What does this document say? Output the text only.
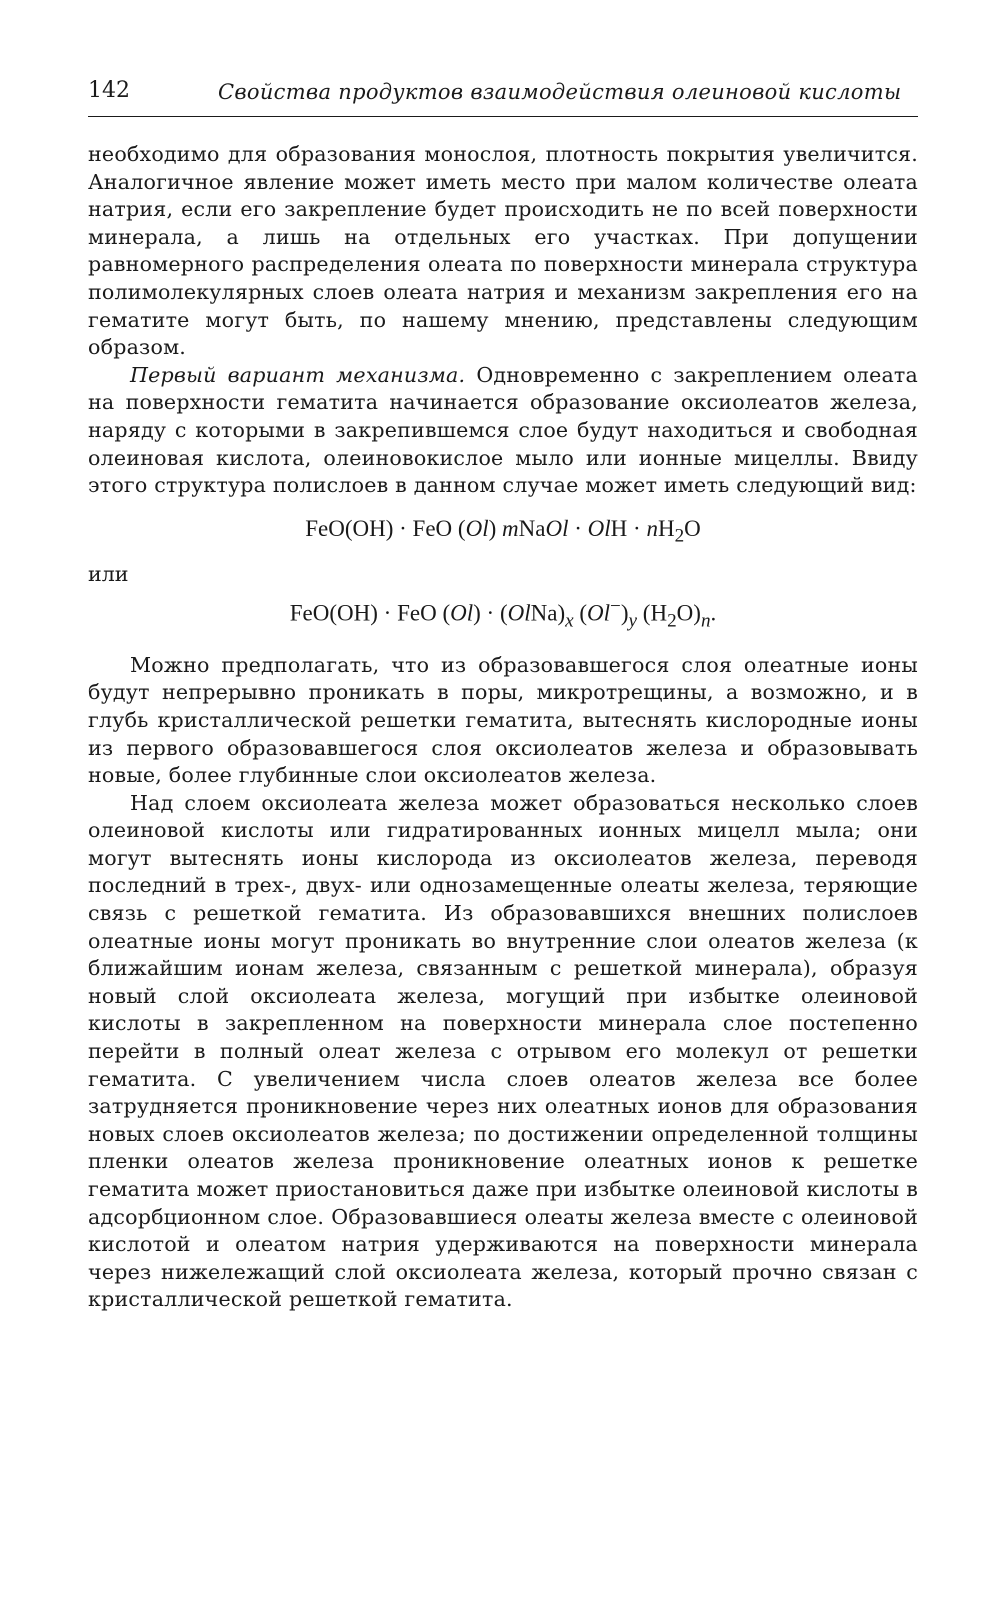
142	Свойства продуктов взаимодействия олеиновой кислоты

необходимо для образования монослоя, плотность покрытия увеличится. Аналогичное явление может иметь место при малом количестве олеата натрия, если его закрепление будет происходить не по всей поверхности минерала, а лишь на отдельных его участках. При допущении равномерного распределения олеата по поверхности минерала структура полимолекулярных слоев олеата натрия и механизм закрепления его на гематите могут быть, по нашему мнению, представлены следующим образом.

Первый вариант механизма. Одновременно с закреплением олеата на поверхности гематита начинается образование оксиолеатов железа, наряду с которыми в закрепившемся слое будут находиться и свободная олеиновая кислота, олеиновокислое мыло или ионные мицеллы. Ввиду этого структура полислоев в данном случае может иметь следующий вид:

FeO(OH) · FeO (Ol) mNaOl · OlH · $nH_2O$

или

FeO(OH) · FeO $(Ol) \cdot (OlNa)_x$ $(Ol^-)_y$ $(H_2O)_n$.

Можно предполагать, что из образовавшегося слоя олеатные ионы будут непрерывно проникать в поры, микротрещины, а возможно, и в глубь кристаллической решетки гематита, вытеснять кислородные ионы из первого образовавшегося слоя оксиолеатов железа и образовывать новые, более глубинные слои оксиолеатов железа.

Над слоем оксиолеата железа может образоваться несколько слоев олеиновой кислоты или гидратированных ионных мицелл мыла; они могут вытеснять ионы кислорода из оксиолеатов железа, переводя последний в трех-, двух- или однозамещенные олеаты железа, теряющие связь с решеткой гематита. Из образовавшихся внешних полислоев олеатные ионы могут проникать во внутренние слои олеатов железа (к ближайшим ионам железа, связанным с решеткой минерала), образуя новый слой оксиолеата железа, могущий при избытке олеиновой кислоты в закрепленном на поверхности минерала слое постепенно перейти в полный олеат железа с отрывом его молекул от решетки гематита. С увеличением числа слоев олеатов железа все более затрудняется проникновение через них олеатных ионов для образования новых слоев оксиолеатов железа; по достижении определенной толщины пленки олеатов железа проникновение олеатных ионов к решетке гематита может приостановиться даже при избытке олеиновой кислоты в адсорбционном слое. Образовавшиеся олеаты железа вместе с олеиновой кислотой и олеатом натрия удерживаются на поверхности минерала через нижележащий слой оксиолеата железа, который прочно связан с кристаллической решеткой гематита.
